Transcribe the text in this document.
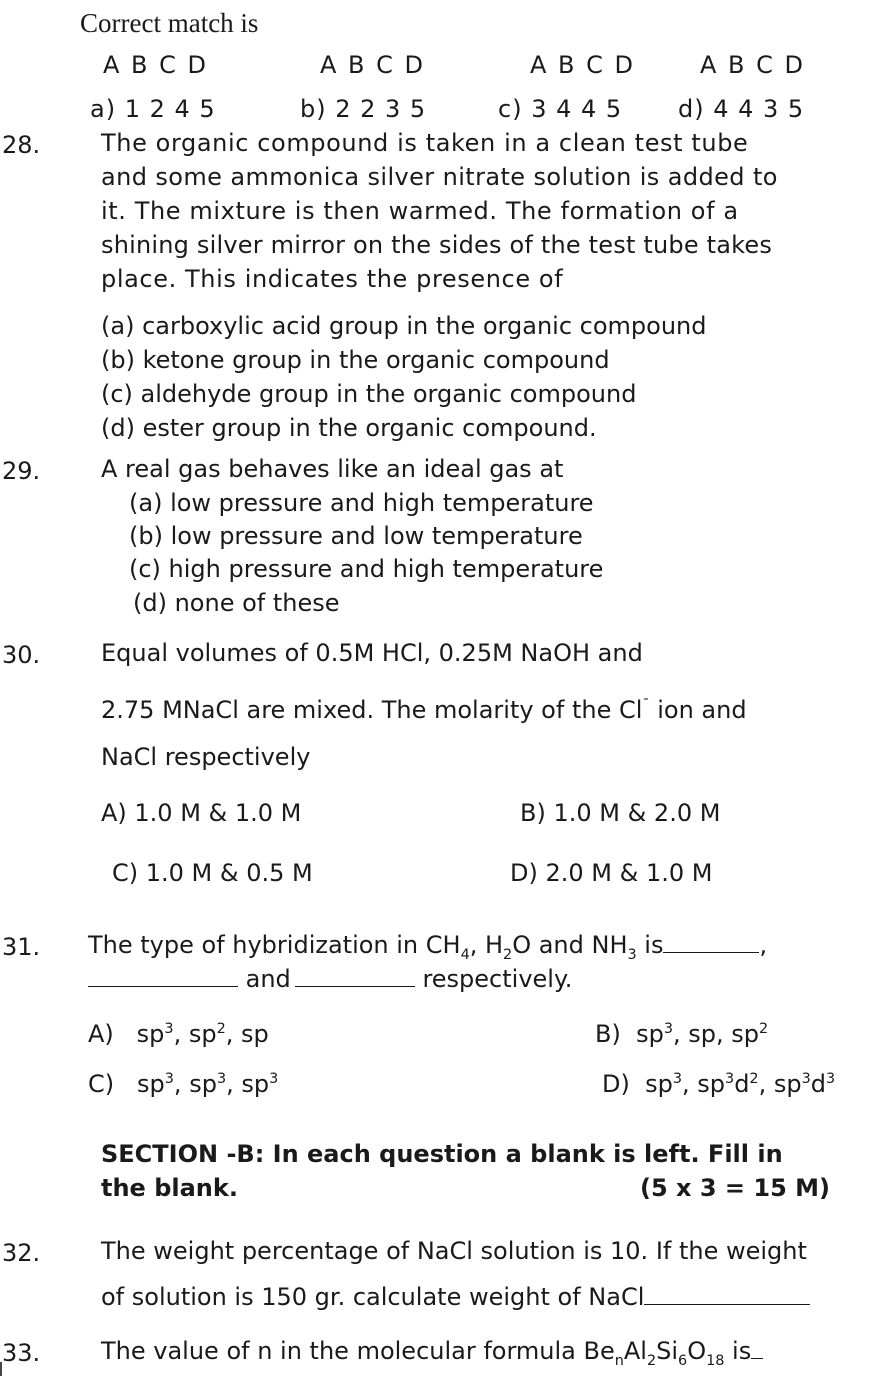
Correct match is
A B C D	A B C D	A B C D	A B C D
a) 1 2 4 5	b) 2 2 3 5	c) 3 4 4 5 d) 4 4 3 5
28.	The organic compound is taken in a clean test tube
and some ammonica silver nitrate solution is added to
it. The mixture is then warmed. The formation of a
shining silver mirror on the sides of the test tube takes
place. This indicates the presence of
(a) carboxylic acid group in the organic compound
(b) ketone group in the organic compound
(c) aldehyde group in the organic compound
(d) ester group in the organic compound.
29.	A real gas behaves like an ideal gas at
(a) low pressure and high temperature
(b) low pressure and low temperature
(c) high pressure and high temperature
(d) none of these
30.	Equal volumes of 0.5M HCl, 0.25M NaOH and
2.75 MNaCl are mixed. The molarity of the Cl¯ ion and
NaCl respectively
A) 1.0 M & 1.0 M	B) 1.0 M & 2.0 M
C) 1.0 M & 0.5 M	D) 2.0 M & 1.0 M
31. The type of hybridization in $CH_4$, $H_2O$ and $NH_3$ is	,
and	respectively.
A) $sp^3$, $sp^2$, sp	B) $sp^3$, sp, $sp^2$
C) $sp^3$, $sp^3$, $sp^3$	D) $sp^3$, $sp^3d^2$, $sp^3d^3$
SECTION -B: In each question a blank is left. Fill in
the blank.	(5 x 3 = 15 M)
32.	The weight percentage of NaCl solution is 10. If the weight
of solution is 150 gr. calculate weight of NaCl
33.	The value of n in the molecular formula $Be_nAl_2Si_6O_{18}$ is
